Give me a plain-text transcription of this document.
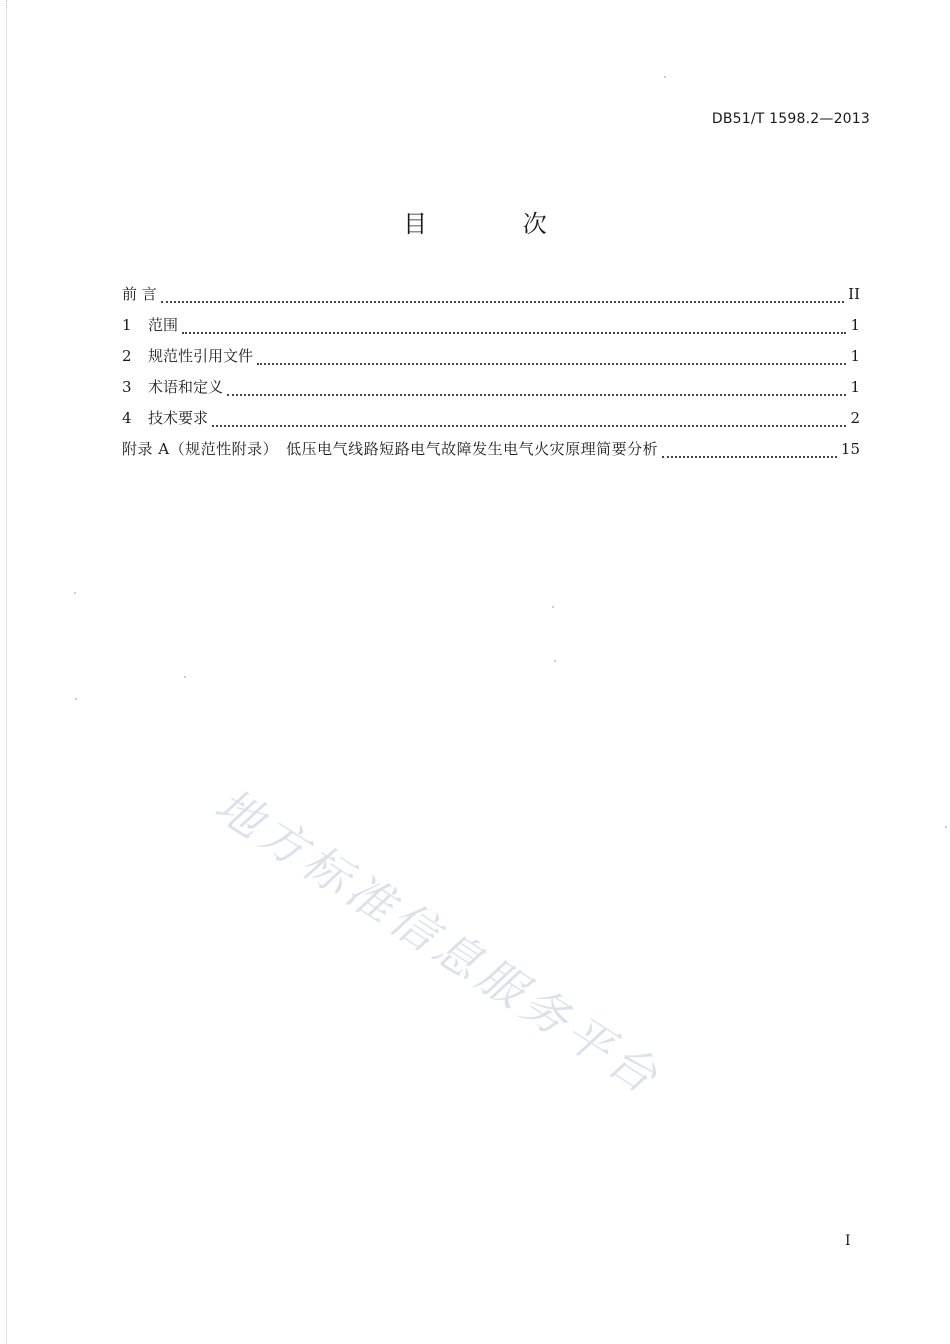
DB51/T 1598.2—2013
目 次
前 言	II
1	范围	1
2	规范性引用文件	1
3	术语和定义	1
4	技术要求	2
附录 A（规范性附录）　低压电气线路短路电气故障发生电气火灾原理简要分析	15
地方标准信息服务平台
I
